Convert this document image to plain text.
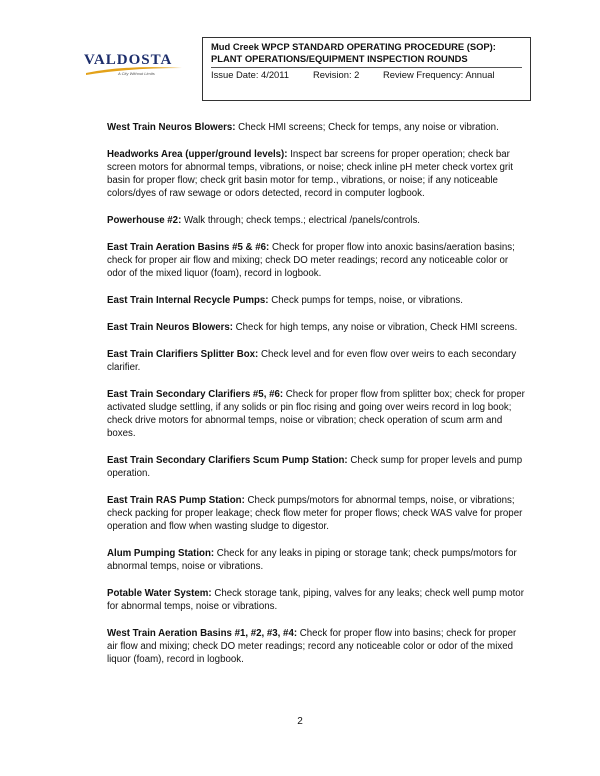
VALDOSTA
A City Without Limits
Mud Creek WPCP STANDARD OPERATING PROCEDURE (SOP):
PLANT OPERATIONS/EQUIPMENT INSPECTION ROUNDS
Issue Date: 4/2011	Revision: 2	Review Frequency: Annual

West Train Neuros Blowers: Check HMI screens; Check for temps, any noise or vibration.

Headworks Area (upper/ground levels): Inspect bar screens for proper operation; check bar screen motors for abnormal temps, vibrations, or noise; check inline pH meter check vortex grit basin for proper flow; check grit basin motor for temp., vibrations, or noise; if any noticeable colors/dyes of raw sewage or odors detected, record in computer logbook.

Powerhouse #2: Walk through; check temps.; electrical /panels/controls.

East Train Aeration Basins #5 & #6: Check for proper flow into anoxic basins/aeration basins; check for proper air flow and mixing; check DO meter readings; record any noticeable color or odor of the mixed liquor (foam), record in logbook.

East Train Internal Recycle Pumps: Check pumps for temps, noise, or vibrations.

East Train Neuros Blowers: Check for high temps, any noise or vibration, Check HMI screens.

East Train Clarifiers Splitter Box: Check level and for even flow over weirs to each secondary clarifier.

East Train Secondary Clarifiers #5, #6: Check for proper flow from splitter box; check for proper activated sludge settling, if any solids or pin floc rising and going over weirs record in log book; check drive motors for abnormal temps, noise or vibration; check operation of scum arm and boxes.

East Train Secondary Clarifiers Scum Pump Station: Check sump for proper levels and pump operation.

East Train RAS Pump Station: Check pumps/motors for abnormal temps, noise, or vibrations; check packing for proper leakage; check flow meter for proper flows; check WAS valve for proper operation and flow when wasting sludge to digestor.

Alum Pumping Station: Check for any leaks in piping or storage tank; check pumps/motors for abnormal temps, noise or vibrations.

Potable Water System: Check storage tank, piping, valves for any leaks; check well pump motor for abnormal temps, noise or vibrations.

West Train Aeration Basins #1, #2, #3, #4: Check for proper flow into basins; check for proper air flow and mixing; check DO meter readings; record any noticeable color or odor of the mixed liquor (foam), record in logbook.

2
